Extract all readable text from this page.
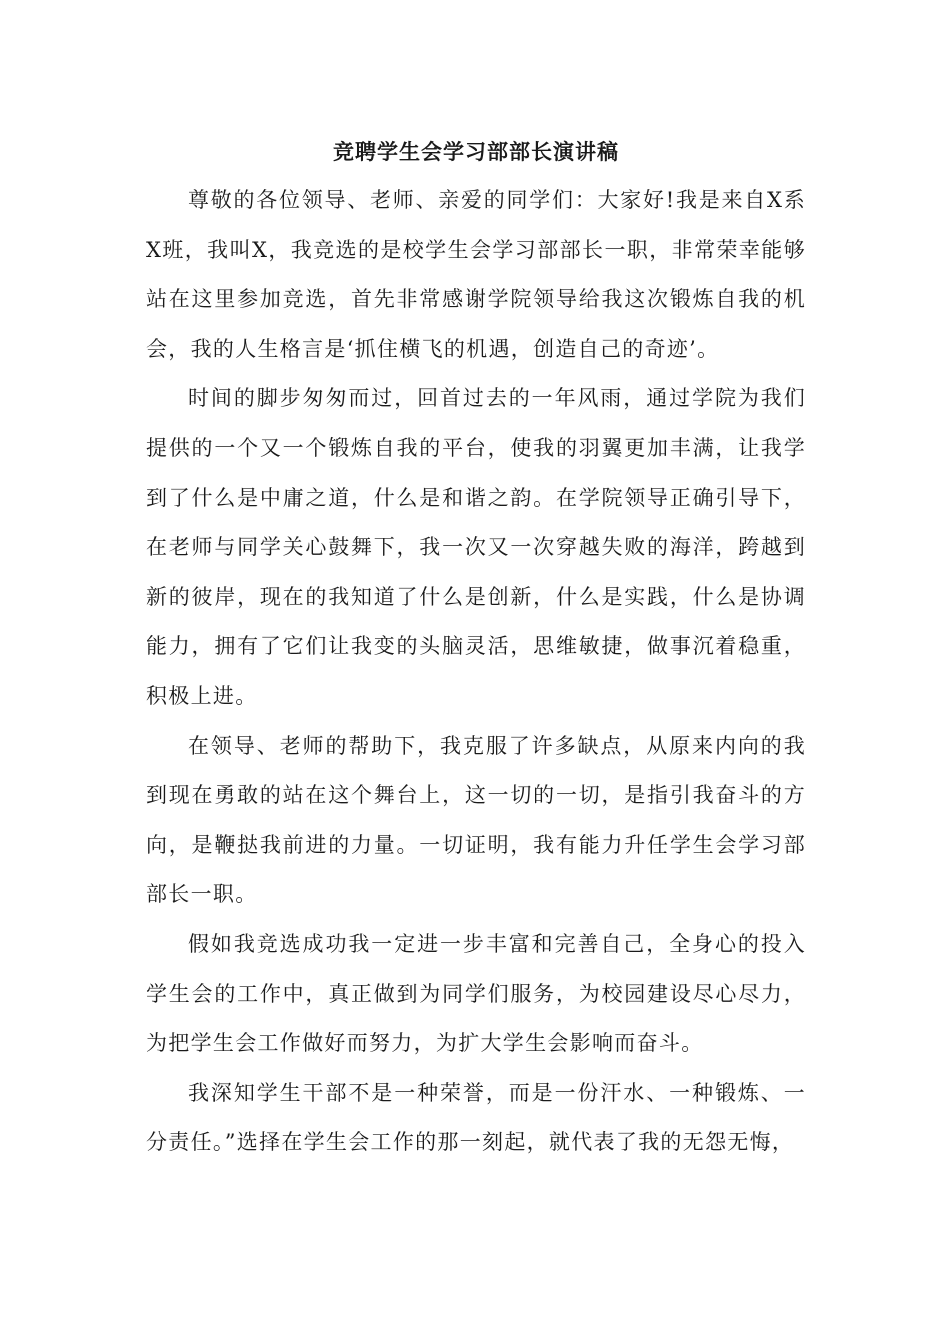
竞聘学生会学习部部长演讲稿

尊敬的各位领导、老师、亲爱的同学们：大家好!我是来自X系X班，我叫X，我竞选的是校学生会学习部部长一职，非常荣幸能够站在这里参加竞选，首先非常感谢学院领导给我这次锻炼自我的机会，我的人生格言是‘抓住横飞的机遇，创造自己的奇迹’。

时间的脚步匆匆而过，回首过去的一年风雨，通过学院为我们提供的一个又一个锻炼自我的平台，使我的羽翼更加丰满，让我学到了什么是中庸之道，什么是和谐之韵。在学院领导正确引导下，在老师与同学关心鼓舞下，我一次又一次穿越失败的海洋，跨越到新的彼岸，现在的我知道了什么是创新，什么是实践，什么是协调能力，拥有了它们让我变的头脑灵活，思维敏捷，做事沉着稳重，积极上进。

在领导、老师的帮助下，我克服了许多缺点，从原来内向的我到现在勇敢的站在这个舞台上，这一切的一切，是指引我奋斗的方向，是鞭挞我前进的力量。一切证明，我有能力升任学生会学习部部长一职。

假如我竞选成功我一定进一步丰富和完善自己，全身心的投入学生会的工作中，真正做到为同学们服务，为校园建设尽心尽力，为把学生会工作做好而努力，为扩大学生会影响而奋斗。

我深知学生干部不是一种荣誉，而是一份汗水、一种锻炼、一分责任。”选择在学生会工作的那一刻起，就代表了我的无怨无悔，
